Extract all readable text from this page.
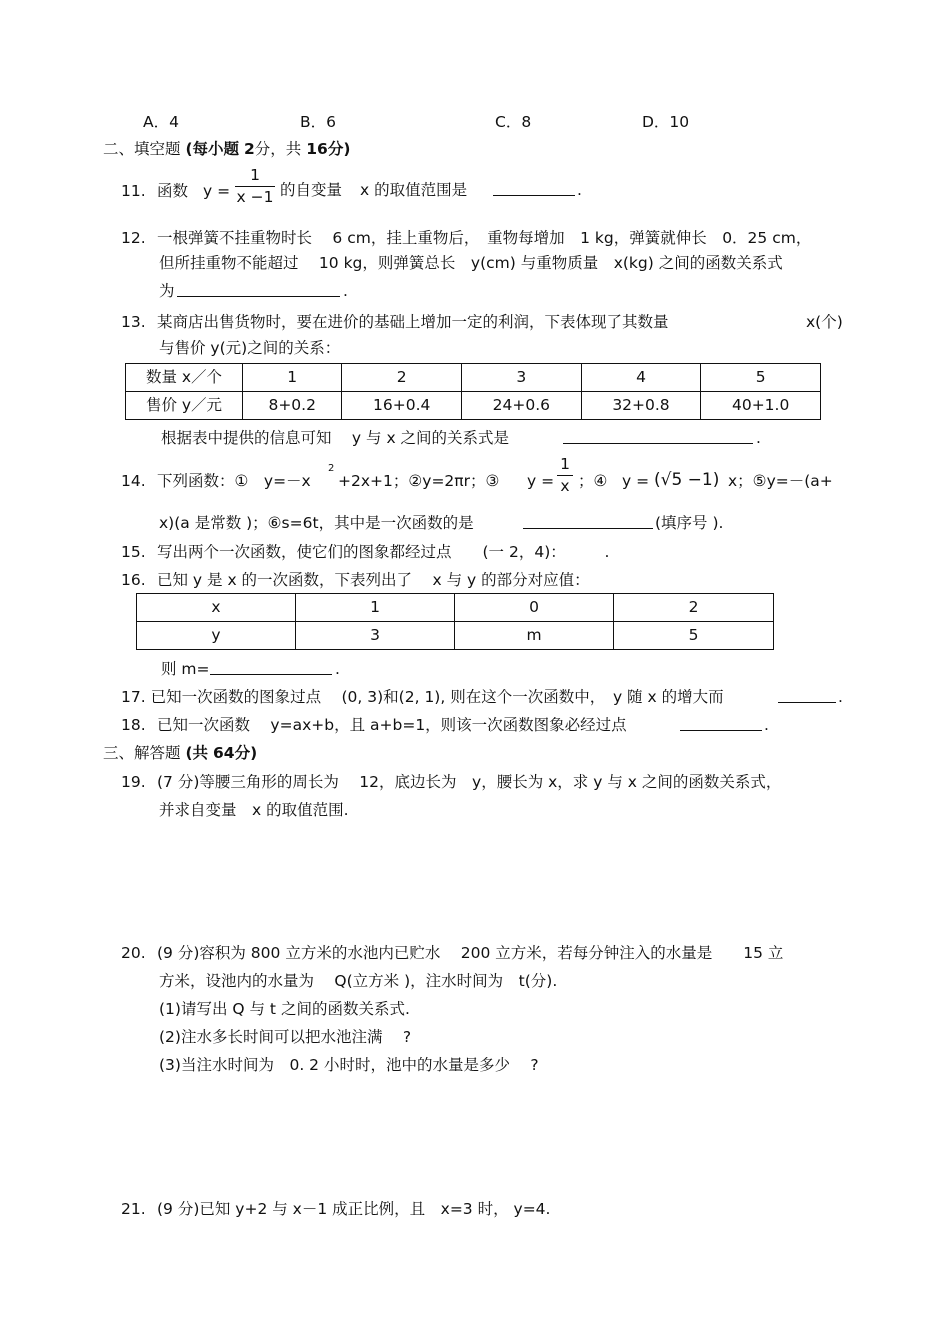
A．4	B．6	C．8	D．10
二、填空题 (每小题 2分，共 16分)
11. 函数 y =
1
x −1 的自变量 x 的取值范围是	.
12. 一根弹簧不挂重物时长　 6 cm，挂上重物后，　重物每增加　1 kg，弹簧就伸长　0．25 cm，
但所挂重物不能超过　 10 kg，则弹簧总长　y(cm) 与重物质量　x(kg) 之间的函数关系式
为	.
13. 某商店出售货物时，要在进价的基础上增加一定的利润，下表体现了其数量	x(个)
与售价 y(元)之间的关系：
数量 x／个	1	2	3	4	5
售价 y／元	8+0.2	16+0.4	24+0.6	32+0.8	40+1.0
根据表中提供的信息可知　 y 与 x 之间的关系式是	.
14. 下列函数：①　y=－x
2
+2x+1；②y=2πr；③ y =
1
x ；④ y = (√5 −1) x；⑤y=－(a+
x)(a 是常数 )；⑥s=6t，其中是一次函数的是	(填序号 ).
15. 写出两个一次函数，使它们的图象都经过点　　(一 2，4)：　　　.
16. 已知 y 是 x 的一次函数，下表列出了　 x 与 y 的部分对应值：
x	1	0	2
y	3	m	5
则 m=	.
17. 已知一次函数的图象过点　 (0, 3)和(2, 1), 则在这个一次函数中，　y 随 x 的增大而	.
18. 已知一次函数　 y=ax+b，且 a+b=1，则该一次函数图象必经过点	.
三、解答题 (共 64分)
19. (7 分)等腰三角形的周长为　 12，底边长为　y，腰长为 x，求 y 与 x 之间的函数关系式，
并求自变量　x 的取值范围.
20. (9 分)容积为 800 立方米的水池内已贮水　 200 立方米，若每分钟注入的水量是　　15 立
方米，设池内的水量为　 Q(立方米 )，注水时间为　t(分).
(1)请写出 Q 与 t 之间的函数关系式.
(2)注水多长时间可以把水池注满　 ?
(3)当注水时间为　0. 2 小时时，池中的水量是多少　 ?
21. (9 分)已知 y+2 与 x－1 成正比例，且　x=3 时， y=4.
